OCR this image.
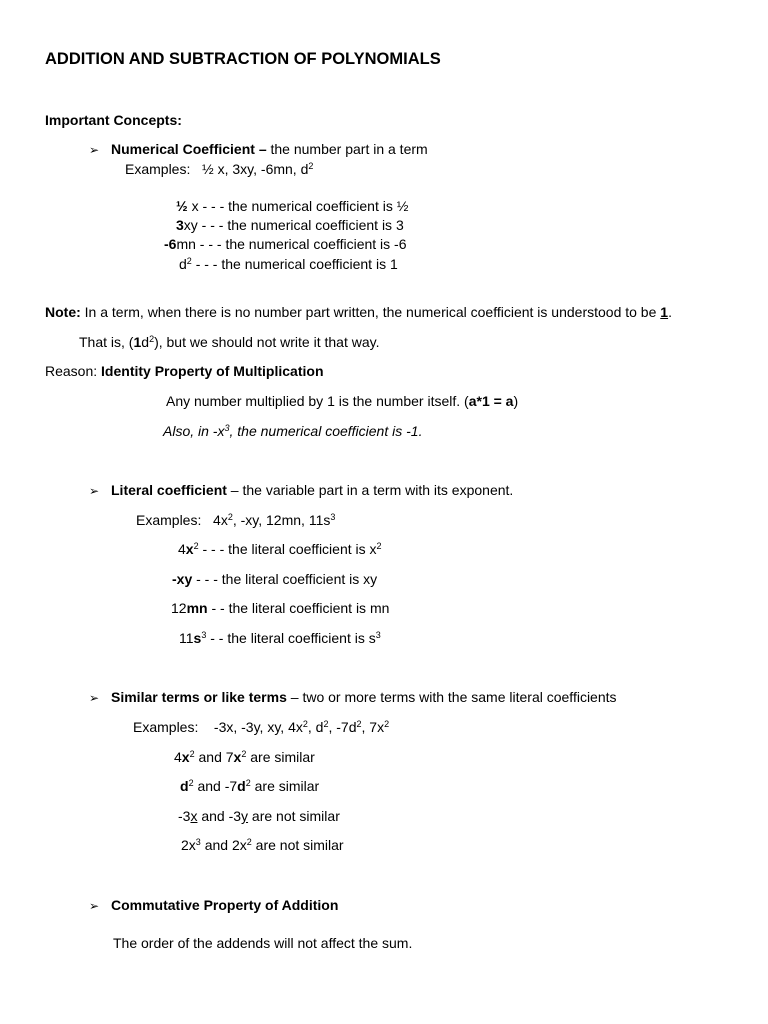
ADDITION AND SUBTRACTION OF POLYNOMIALS
Important Concepts:
➢ Numerical Coefficient – the number part in a term
Examples: ½ x, 3xy, -6mn, $d^2$
½ x - - - the numerical coefficient is ½
3xy - - - the numerical coefficient is 3
-6mn - - - the numerical coefficient is -6
$d^2$ - - - the numerical coefficient is 1
Note: In a term, when there is no number part written, the numerical coefficient is understood to be 1.
That is, $(1d^2)$, but we should not write it that way.
Reason: Identity Property of Multiplication
Any number multiplied by 1 is the number itself. (a*1 = a)
Also, in $-x^3$, the numerical coefficient is -1.
➢ Literal coefficient – the variable part in a term with its exponent.
Examples: $4x^2$, -xy, 12mn, $11s^3$
$4x^2$ - - - the literal coefficient is $x^2$
-xy - - - the literal coefficient is xy
12mn - - the literal coefficient is mn
$11s^3$ - - the literal coefficient is $s^3$
➢ Similar terms or like terms – two or more terms with the same literal coefficients
Examples: -3x, -3y, xy, $4x^2$, $d^2$, $-7d^2$, $7x^2$
$4x^2$ and $7x^2$ are similar
$d^2$ and $-7d^2$ are similar
-3x and -3y are not similar
$2x^3$ and $2x^2$ are not similar
➢ Commutative Property of Addition
The order of the addends will not affect the sum.
